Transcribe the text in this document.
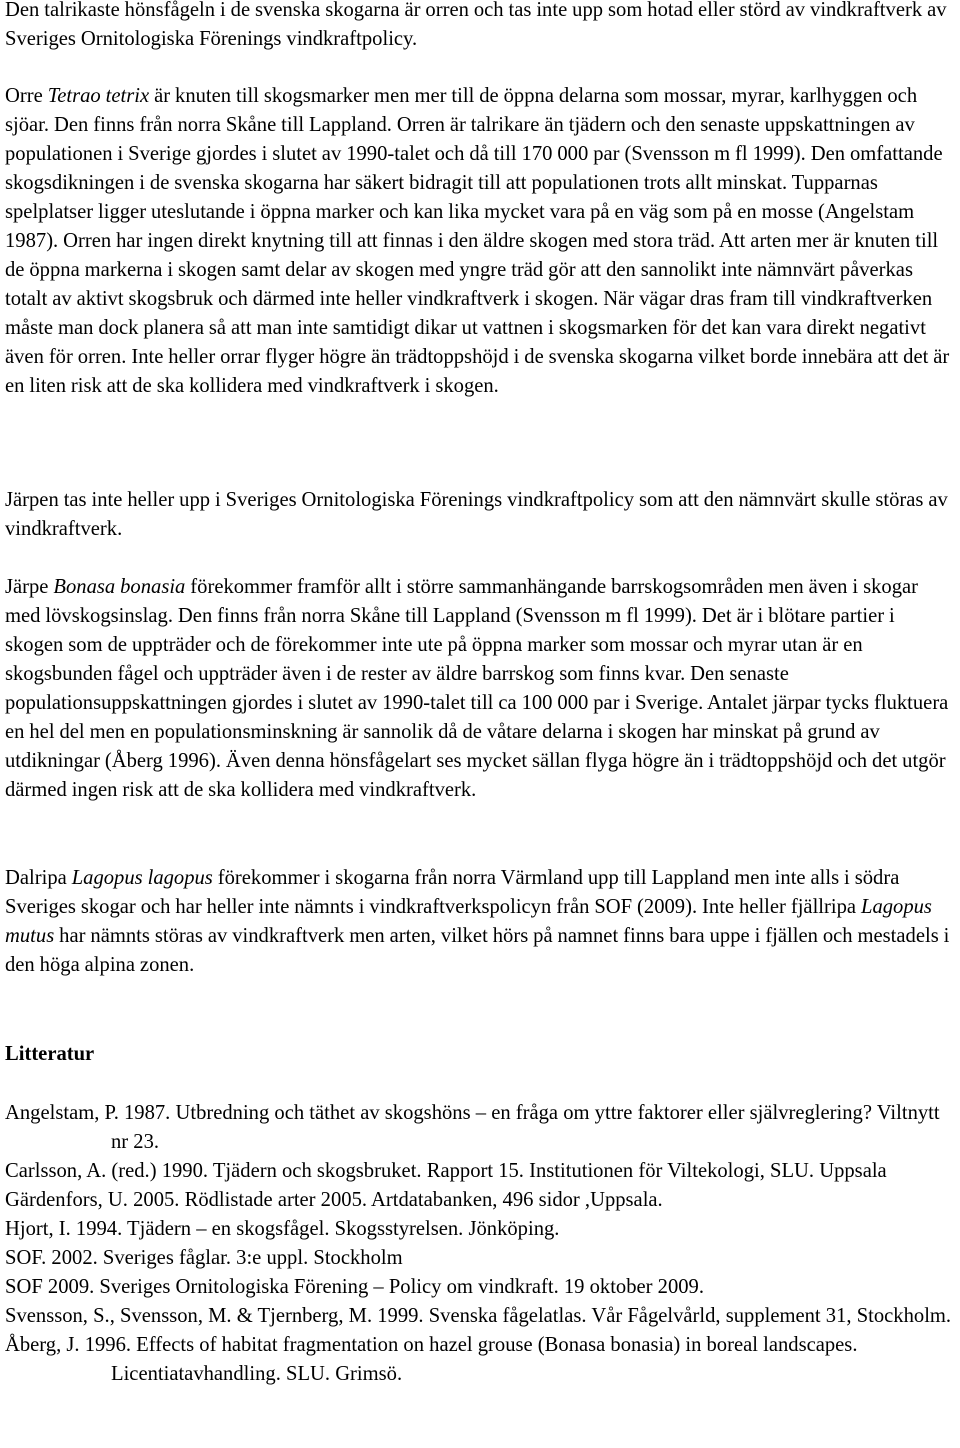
Den talrikaste hönsfågeln i de svenska skogarna är orren och tas inte upp som hotad eller störd av vindkraftverk av Sveriges Ornitologiska Förenings vindkraftpolicy.

Orre Tetrao tetrix är knuten till skogsmarker men mer till de öppna delarna som mossar, myrar, karlhyggen och sjöar. Den finns från norra Skåne till Lappland. Orren är talrikare än tjädern och den senaste uppskattningen av populationen i Sverige gjordes i slutet av 1990-talet och då till 170 000 par (Svensson m fl 1999). Den omfattande skogsdikningen i de svenska skogarna har säkert bidragit till att populationen trots allt minskat. Tupparnas spelplatser ligger uteslutande i öppna marker och kan lika mycket vara på en väg som på en mosse (Angelstam 1987). Orren har ingen direkt knytning till att finnas i den äldre skogen med stora träd. Att arten mer är knuten till de öppna markerna i skogen samt delar av skogen med yngre träd gör att den sannolikt inte nämnvärt påverkas totalt av aktivt skogsbruk och därmed inte heller vindkraftverk i skogen. När vägar dras fram till vindkraftverken måste man dock planera så att man inte samtidigt dikar ut vattnen i skogsmarken för det kan vara direkt negativt även för orren. Inte heller orrar flyger högre än trädtoppshöjd i de svenska skogarna vilket borde innebära att det är en liten risk att de ska kollidera med vindkraftverk i skogen.

Järpen tas inte heller upp i Sveriges Ornitologiska Förenings vindkraftpolicy som att den nämnvärt skulle störas av vindkraftverk.

Järpe Bonasa bonasia förekommer framför allt i större sammanhängande barrskogsområden men även i skogar med lövskogsinslag. Den finns från norra Skåne till Lappland (Svensson m fl 1999). Det är i blötare partier i skogen som de uppträder och de förekommer inte ute på öppna marker som mossar och myrar utan är en skogsbunden fågel och uppträder även i de rester av äldre barrskog som finns kvar. Den senaste populationsuppskattningen gjordes i slutet av 1990-talet till ca 100 000 par i Sverige. Antalet järpar tycks fluktuera en hel del men en populationsminskning är sannolik då de våtare delarna i skogen har minskat på grund av utdikningar (Åberg 1996). Även denna hönsfågelart ses mycket sällan flyga högre än i trädtoppshöjd och det utgör därmed ingen risk att de ska kollidera med vindkraftverk.

Dalripa Lagopus lagopus förekommer i skogarna från norra Värmland upp till Lappland men inte alls i södra Sveriges skogar och har heller inte nämnts i vindkraftverkspolicyn från SOF (2009). Inte heller fjällripa Lagopus mutus har nämnts störas av vindkraftverk men arten, vilket hörs på namnet finns bara uppe i fjällen och mestadels i den höga alpina zonen.

Litteratur
Angelstam, P. 1987. Utbredning och täthet av skogshöns – en fråga om yttre faktorer eller självreglering? Viltnytt nr 23.
Carlsson, A. (red.) 1990. Tjädern och skogsbruket. Rapport 15. Institutionen för Viltekologi, SLU. Uppsala
Gärdenfors, U. 2005. Rödlistade arter 2005. Artdatabanken, 496 sidor ,Uppsala.
Hjort, I. 1994. Tjädern – en skogsfågel. Skogsstyrelsen. Jönköping.
SOF. 2002. Sveriges fåglar. 3:e uppl. Stockholm
SOF 2009. Sveriges Ornitologiska Förening – Policy om vindkraft. 19 oktober 2009.
Svensson, S., Svensson, M. & Tjernberg, M. 1999. Svenska fågelatlas. Vår Fågelvårld, supplement 31, Stockholm.
Åberg, J. 1996. Effects of habitat fragmentation on hazel grouse (Bonasa bonasia) in boreal landscapes. Licentiatavhandling. SLU. Grimsö.
